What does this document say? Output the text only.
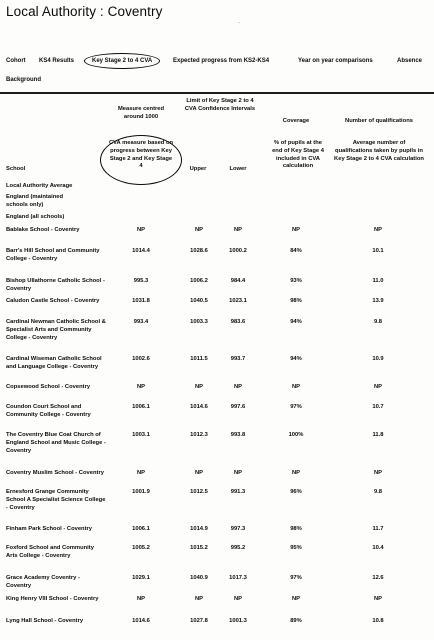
Local Authority : Coventry
Cohort KS4 Results	Key Stage 2 to 4 CVA	Expected progress from KS2-KS4	Year on year comparisons	Absence
Background
Measure centred around 1000
Limit of Key Stage 2 to 4 CVA Confidence Intervals
Coverage	Number of qualifications
CVA measure based on progress between Key Stage 2 and Key Stage 4	Upper	Lower
% of pupils at the end of Key Stage 4 included in CVA calculation
Average number of qualifications taken by pupils in Key Stage 2 to 4 CVA calculation
School
Local Authority Average
England (maintained schools only)
England (all schools)
·
Bablake School - Coventry	NP	NP	NP	NP	NP
Barr's Hill School and Community College - Coventry
1014.4	1028.6	1000.2	84%	10.1
Bishop Ullathorne Catholic School - Coventry
995.3	1006.2	984.4	93%	11.0
Caludon Castle School - Coventry	1031.8	1040.5	1023.1	98%	13.9
Cardinal Newman Catholic School & Specialist Arts and Community College - Coventry
993.4	1003.3	983.6	94%	9.8
Cardinal Wiseman Catholic School and Language College - Coventry
1002.6	1011.5	993.7	94%	10.9
Copsewood School - Coventry	NP	NP	NP	NP	NP
Coundon Court School and Community College - Coventry
1006.1	1014.6	997.6	97%	10.7
The Coventry Blue Coat Church of England School and Music College - Coventry
1003.1	1012.3	993.8	100%	11.8
Coventry Muslim School - Coventry	NP	NP	NP	NP	NP
Ernesford Grange Community School A Specialist Science College - Coventry
1001.9	1012.5	991.3	96%	9.8
Finham Park School - Coventry	1006.1	1014.9	997.3	98%	11.7
Foxford School and Community Arts College - Coventry
1005.2	1015.2	995.2	95%	10.4
Grace Academy Coventry - Coventry
1029.1	1040.9	1017.3	97%	12.6
King Henry VIII School - Coventry	NP	NP	NP	NP	NP
Lyng Hall School - Coventry	1014.6	1027.8	1001.3	89%	10.8
